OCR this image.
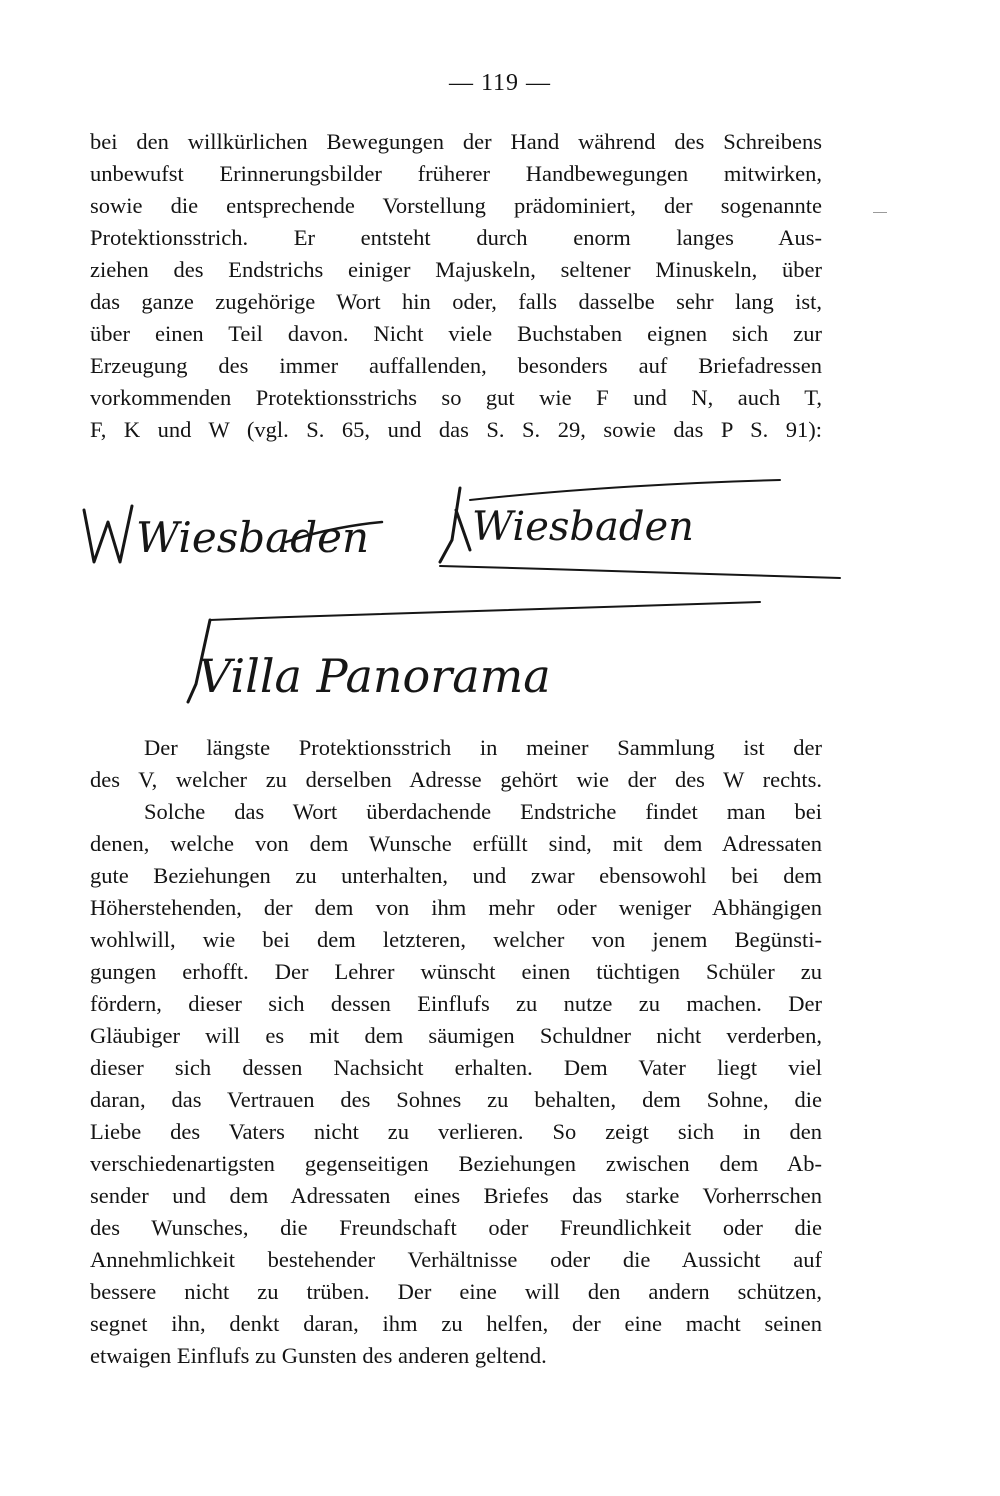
— 119 —
bei den willkürlichen Bewegungen der Hand während des Schreibens
unbewufst Erinnerungsbilder früherer Handbewegungen mitwirken,
sowie die entsprechende Vorstellung prädominiert, der sogenannte
Protektionsstrich. Er entsteht durch enorm langes Aus-
ziehen des Endstrichs einiger Majuskeln, seltener Minuskeln, über
das ganze zugehörige Wort hin oder, falls dasselbe sehr lang ist,
über einen Teil davon. Nicht viele Buchstaben eignen sich zur
Erzeugung des immer auffallenden, besonders auf Briefadressen
vorkommenden Protektionsstrichs so gut wie F und N, auch T,
F, K und W (vgl. S. 65, und das S. S. 29, sowie das P S. 91):
Wiesbaden	Wiesbaden
Villa Panorama
Der längste Protektionsstrich in meiner Sammlung ist der
des V, welcher zu derselben Adresse gehört wie der des W rechts.
Solche das Wort überdachende Endstriche findet man bei
denen, welche von dem Wunsche erfüllt sind, mit dem Adressaten
gute Beziehungen zu unterhalten, und zwar ebensowohl bei dem
Höherstehenden, der dem von ihm mehr oder weniger Abhängigen
wohlwill, wie bei dem letzteren, welcher von jenem Begünsti-
gungen erhofft. Der Lehrer wünscht einen tüchtigen Schüler zu
fördern, dieser sich dessen Einflufs zu nutze zu machen. Der
Gläubiger will es mit dem säumigen Schuldner nicht verderben,
dieser sich dessen Nachsicht erhalten. Dem Vater liegt viel
daran, das Vertrauen des Sohnes zu behalten, dem Sohne, die
Liebe des Vaters nicht zu verlieren. So zeigt sich in den
verschiedenartigsten gegenseitigen Beziehungen zwischen dem Ab-
sender und dem Adressaten eines Briefes das starke Vorherrschen
des Wunsches, die Freundschaft oder Freundlichkeit oder die
Annehmlichkeit bestehender Verhältnisse oder die Aussicht auf
bessere nicht zu trüben. Der eine will den andern schützen,
segnet ihn, denkt daran, ihm zu helfen, der eine macht seinen
etwaigen Einflufs zu Gunsten des anderen geltend.
